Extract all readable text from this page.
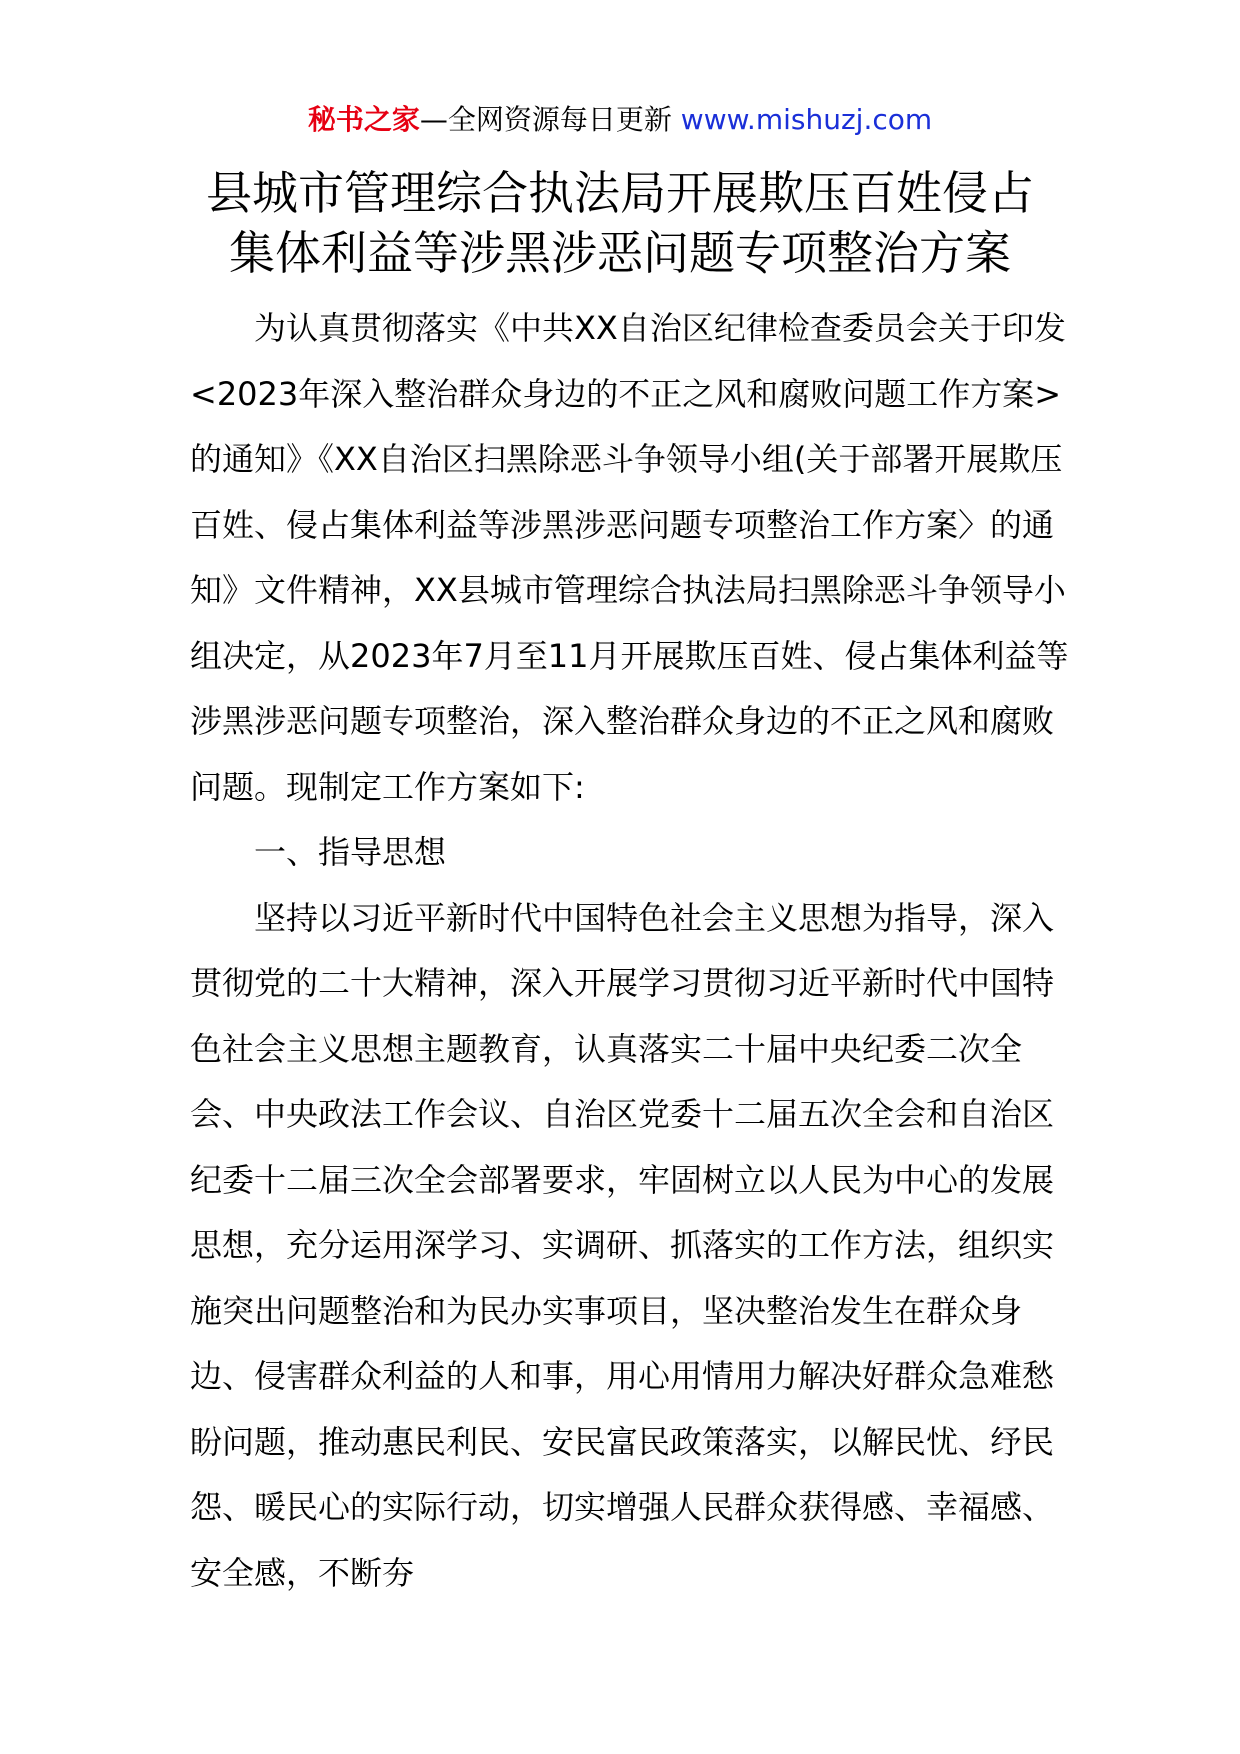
秘书之家—全网资源每日更新 www.mishuzj.com
县城市管理综合执法局开展欺压百姓侵占
集体利益等涉黑涉恶问题专项整治方案

为认真贯彻落实《中共XX自治区纪律检查委员会关于印发<2023年深入整治群众身边的不正之风和腐败问题工作方案>的通知》《XX自治区扫黑除恶斗争领导小组(关于部署开展欺压百姓、侵占集体利益等涉黑涉恶问题专项整治工作方案〉的通知》文件精神，XX县城市管理综合执法局扫黑除恶斗争领导小组决定，从2023年7月至11月开展欺压百姓、侵占集体利益等涉黑涉恶问题专项整治，深入整治群众身边的不正之风和腐败问题。现制定工作方案如下:

一、指导思想

坚持以习近平新时代中国特色社会主义思想为指导，深入贯彻党的二十大精神，深入开展学习贯彻习近平新时代中国特色社会主义思想主题教育，认真落实二十届中央纪委二次全会、中央政法工作会议、自治区党委十二届五次全会和自治区纪委十二届三次全会部署要求，牢固树立以人民为中心的发展思想，充分运用深学习、实调研、抓落实的工作方法，组织实施突出问题整治和为民办实事项目，坚决整治发生在群众身边、侵害群众利益的人和事，用心用情用力解决好群众急难愁盼问题，推动惠民利民、安民富民政策落实，以解民忧、纾民怨、暖民心的实际行动，切实增强人民群众获得感、幸福感、安全感，不断夯
